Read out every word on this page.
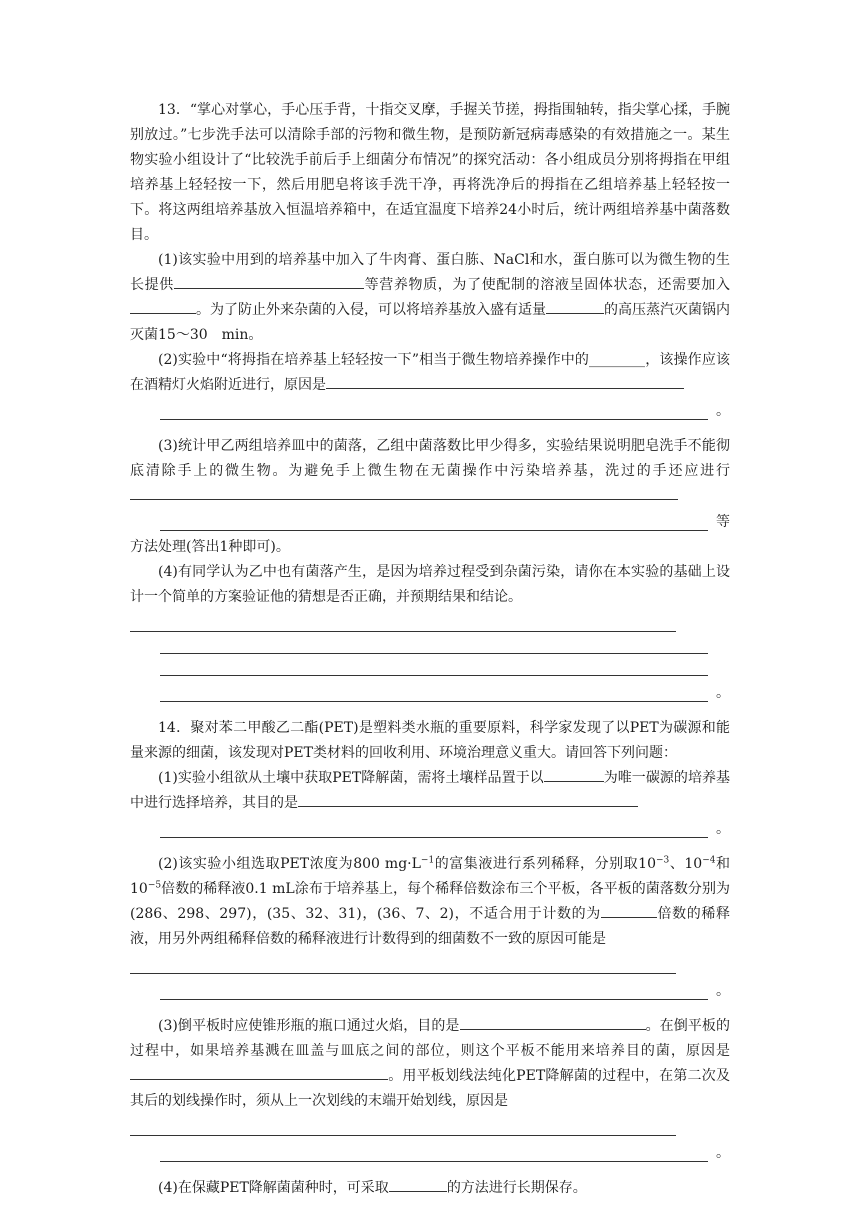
13．“掌心对掌心，手心压手背，十指交叉摩，手握关节搓，拇指围轴转，指尖掌心揉，手腕别放过。”七步洗手法可以清除手部的污物和微生物，是预防新冠病毒感染的有效措施之一。某生物实验小组设计了“比较洗手前后手上细菌分布情况”的探究活动：各小组成员分别将拇指在甲组培养基上轻轻按一下，然后用肥皂将该手洗干净，再将洗净后的拇指在乙组培养基上轻轻按一下。将这两组培养基放入恒温培养箱中，在适宜温度下培养24小时后，统计两组培养基中菌落数目。

(1)该实验中用到的培养基中加入了牛肉膏、蛋白胨、NaCl和水，蛋白胨可以为微生物的生长提供	等营养物质，为了使配制的溶液呈固体状态，还需要加入。为了防止外来杂菌的入侵，可以将培养基放入盛有适量	的高压蒸汽灭菌锅内灭菌15～30　min。

(2)实验中“将拇指在培养基上轻轻按一下”相当于微生物培养操作中的________，该操作应该在酒精灯火焰附近进行，原因是

。

(3)统计甲乙两组培养皿中的菌落，乙组中菌落数比甲少得多，实验结果说明肥皂洗手不能彻底清除手上的微生物。为避免手上微生物在无菌操作中污染培养基，洗过的手还应进行

等

方法处理(答出1种即可)。

(4)有同学认为乙中也有菌落产生，是因为培养过程受到杂菌污染，请你在本实验的基础上设计一个简单的方案验证他的猜想是否正确，并预期结果和结论。

。

14．聚对苯二甲酸乙二酯(PET)是塑料类水瓶的重要原料，科学家发现了以PET为碳源和能量来源的细菌，该发现对PET类材料的回收利用、环境治理意义重大。请回答下列问题：

(1)实验小组欲从土壤中获取PET降解菌，需将土壤样品置于以	为唯一碳源的培养基中进行选择培养，其目的是

。

(2)该实验小组选取PET浓度为800 $mg\cdot L^{-1}$的富集液进行系列稀释，分别取$10^{-3}$、$10^{-4}$和$10^{-5}$倍数的稀释液0.1 mL涂布于培养基上，每个稀释倍数涂布三个平板，各平板的菌落数分别为(286、298、297)，(35、32、31)，(36、7、2)，不适合用于计数的为	倍数的稀释液，用另外两组稀释倍数的稀释液进行计数得到的细菌数不一致的原因可能是

。

(3)倒平板时应使锥形瓶的瓶口通过火焰，目的是	。在倒平板的过程中，如果培养基溅在皿盖与皿底之间的部位，则这个平板不能用来培养目的菌，原因是。用平板划线法纯化PET降解菌的过程中，在第二次及其后的划线操作时，须从上一次划线的末端开始划线，原因是

。

(4)在保藏PET降解菌菌种时，可采取	的方法进行长期保存。
